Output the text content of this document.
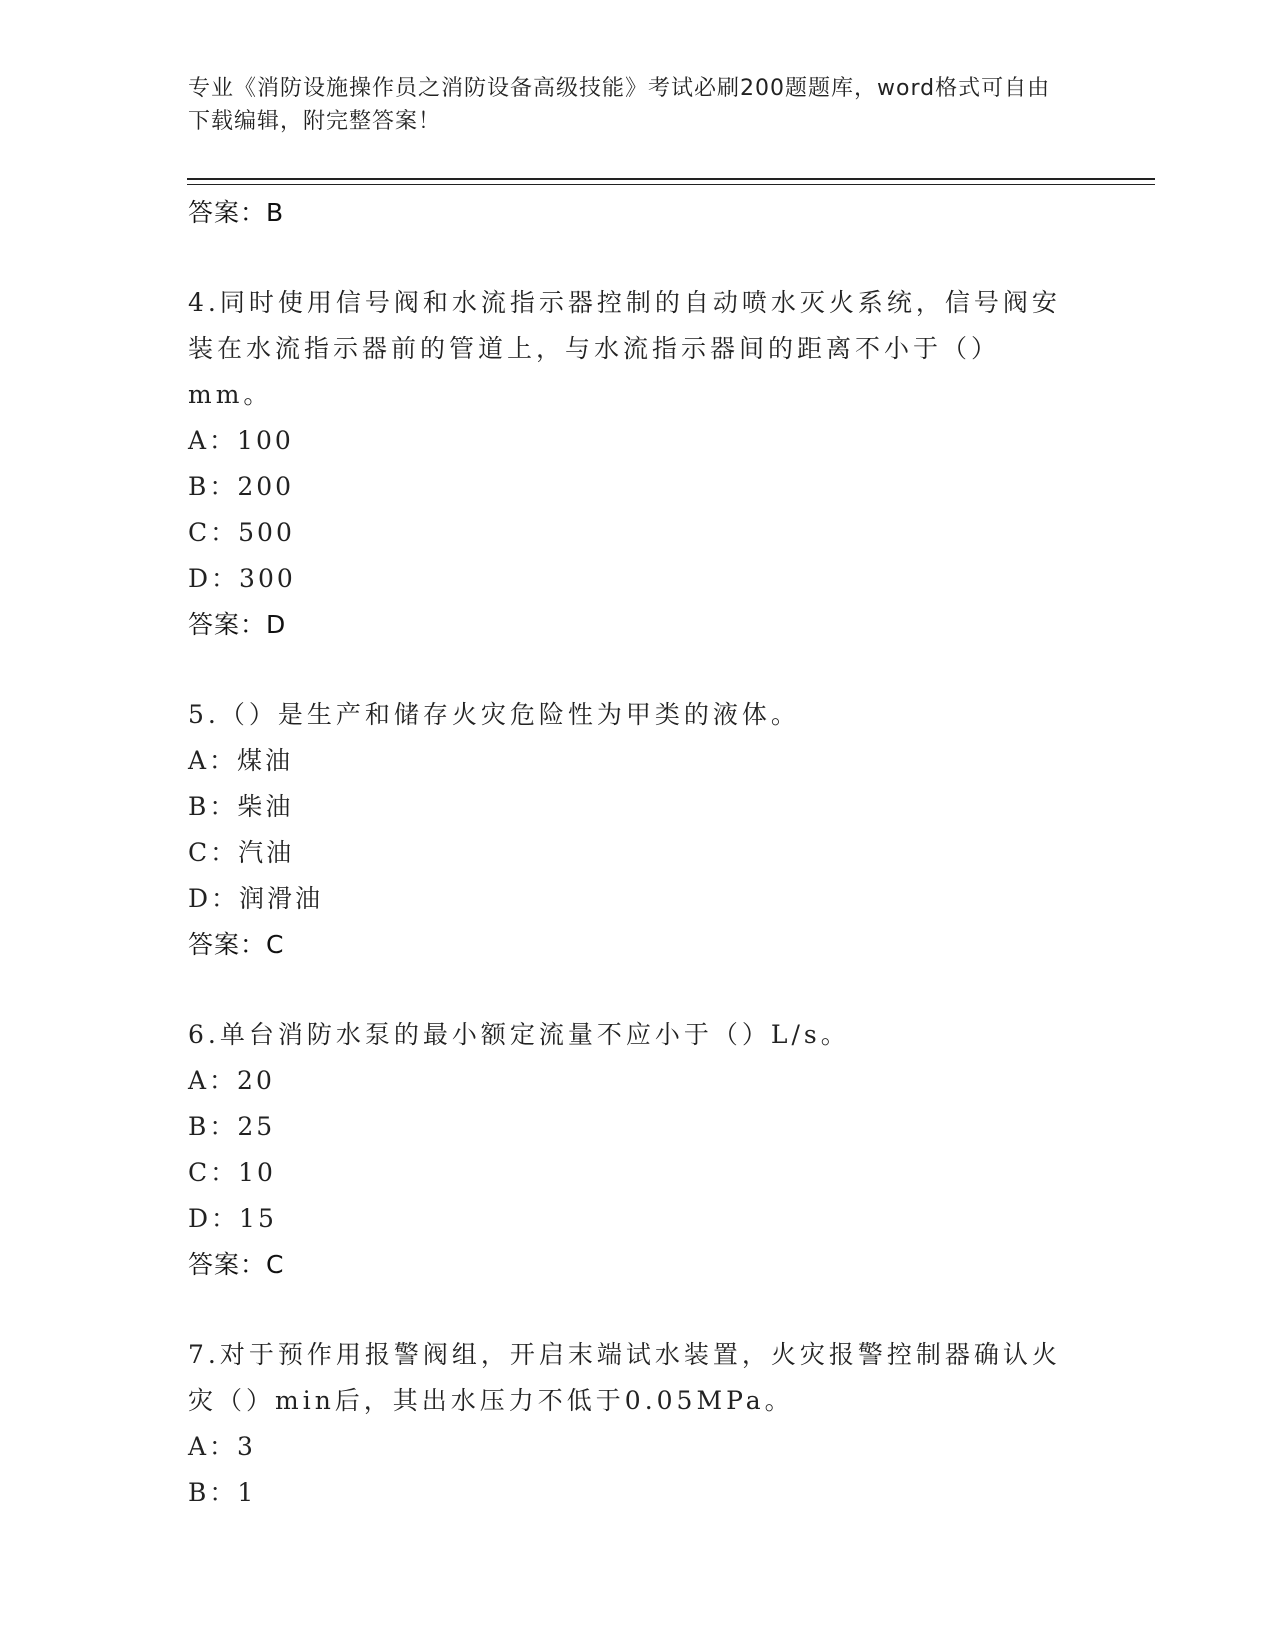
专业《消防设施操作员之消防设备高级技能》考试必刷200题题库，word格式可自由下载编辑，附完整答案！
答案：B
4.同时使用信号阀和水流指示器控制的自动喷水灭火系统，信号阀安装在水流指示器前的管道上，与水流指示器间的距离不小于（）mm。
A：100
B：200
C：500
D：300
答案：D
5.（）是生产和储存火灾危险性为甲类的液体。
A：煤油
B：柴油
C：汽油
D：润滑油
答案：C
6.单台消防水泵的最小额定流量不应小于（）L/s。
A：20
B：25
C：10
D：15
答案：C
7.对于预作用报警阀组，开启末端试水装置，火灾报警控制器确认火灾（）min后，其出水压力不低于0.05MPa。
A：3
B：1
